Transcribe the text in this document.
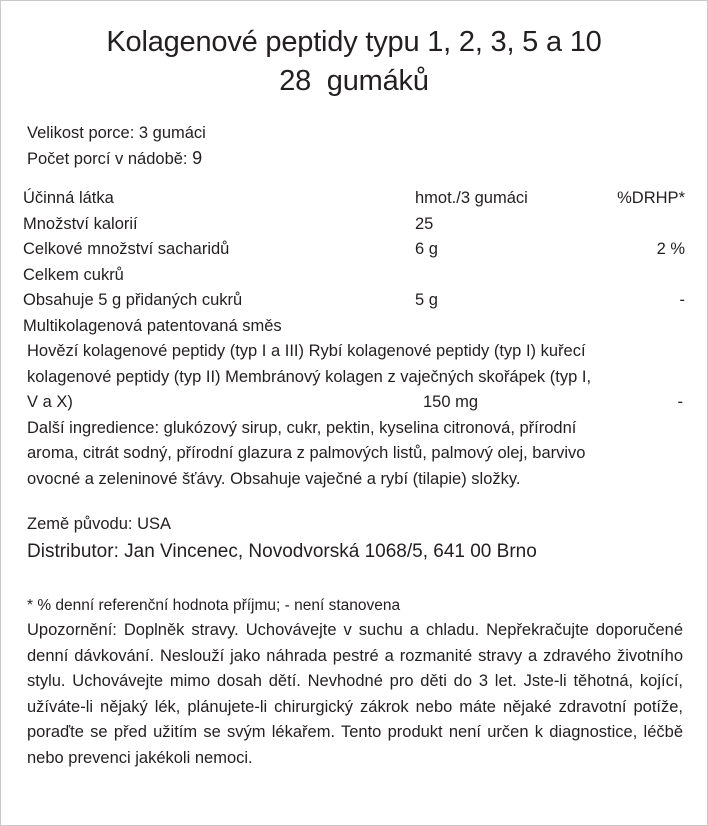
Kolagenové peptidy typu 1, 2, 3, 5 a 10
28  gumáků
Velikost porce: 3 gumáci
Počet porcí v nádobě: 9
Účinná látka	hmot./3 gumáci	%DRHP*
Množství kalorií	25	
Celkové množství sacharidů	6 g	2 %
Celkem cukrů		
Obsahuje 5 g přidaných cukrů	5 g	-
Multikolagenová patentovaná směs		
Hovězí kolagenové peptidy (typ I a III) Rybí kolagenové peptidy (typ I) kuřecí
kolagenové peptidy (typ II) Membránový kolagen z vaječných skořápek (typ I,
V a X)	150 mg	-
Další ingredience: glukózový sirup, cukr, pektin, kyselina citronová, přírodní
aroma, citrát sodný, přírodní glazura z palmových listů, palmový olej, barvivo
ovocné a zeleninové šťávy. Obsahuje vaječné a rybí (tilapie) složky.
Země původu: USA
Distributor: Jan Vincenec, Novodvorská 1068/5, 641 00 Brno
* % denní referenční hodnota příjmu; - není stanovena
Upozornění: Doplněk stravy. Uchovávejte v suchu a chladu. Nepřekračujte doporučené denní dávkování. Neslouží jako náhrada pestré a rozmanité stravy a zdravého životního stylu. Uchovávejte mimo dosah dětí. Nevhodné pro děti do 3 let. Jste-li těhotná, kojící, užíváte-li nějaký lék, plánujete-li chirurgický zákrok nebo máte nějaké zdravotní potíže, poraďte se před užitím se svým lékařem. Tento produkt není určen k diagnostice, léčbě nebo prevenci jakékoli nemoci.
